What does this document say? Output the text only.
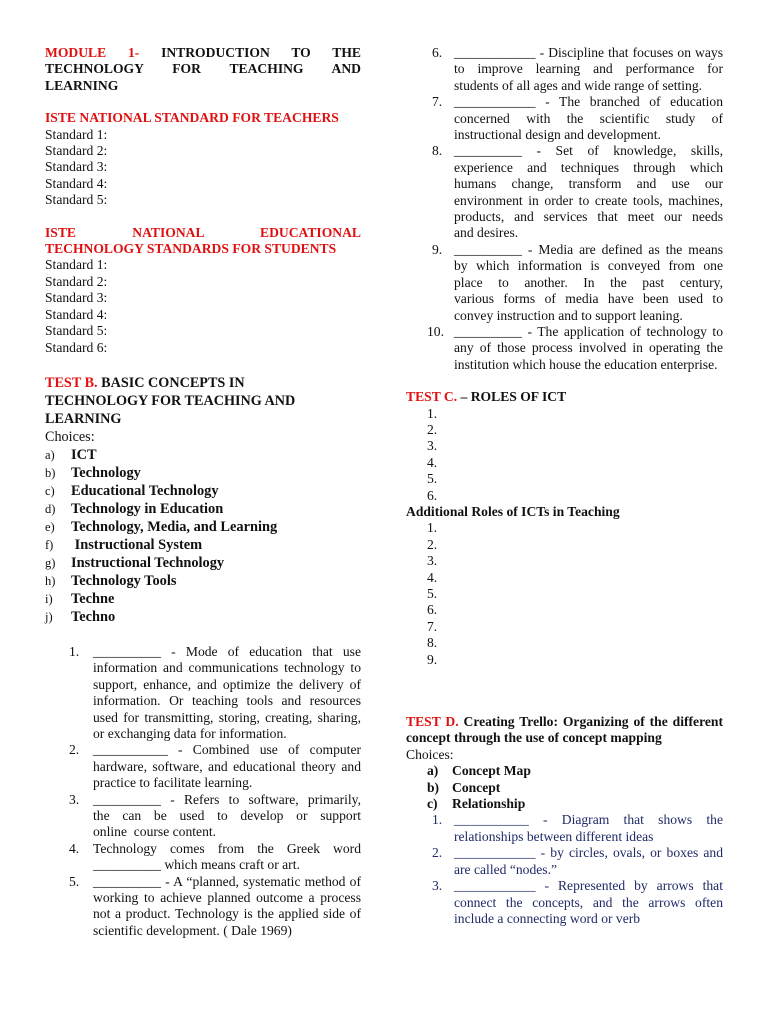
MODULE 1- INTRODUCTION TO THE
TECHNOLOGY FOR TEACHING AND
LEARNING
ISTE NATIONAL STANDARD FOR TEACHERS
Standard 1:
Standard 2:
Standard 3:
Standard 4:
Standard 5:
ISTE NATIONAL EDUCATIONAL
TECHNOLOGY STANDARDS FOR STUDENTS
Standard 1:
Standard 2:
Standard 3:
Standard 4:
Standard 5:
Standard 6:
TEST B. BASIC CONCEPTS IN
TECHNOLOGY FOR TEACHING AND
LEARNING
Choices:
a)	ICT
b)	Technology
c)	Educational Technology
d)	Technology in Education
e)	Technology, Media, and Learning
f)	Instructional System
g)	Instructional Technology
h)	Technology Tools
i)	Techne
j)	Techno
1. __________ - Mode of education that use
information and communications technology to
support, enhance, and optimize the delivery of
information. Or teaching tools and resources
used for transmitting, storing, creating, sharing,
or exchanging data for information.
2. ___________ - Combined use of computer
hardware, software, and educational theory and
practice to facilitate learning.
3. __________ - Refers to software, primarily,
the can be used to develop or support
online  course content.
4. Technology comes from the Greek word
__________ which means craft or art.
5. __________ - A “planned, systematic method of
working to achieve planned outcome a process
not a product. Technology is the applied side of
scientific development. ( Dale 1969)
6. ____________ - Discipline that focuses on ways
to improve learning and performance for
students of all ages and wide range of setting.
7. ____________ - The branched of education
concerned with the scientific study of
instructional design and development.
8. __________ - Set of knowledge, skills,
experience and techniques through which
humans change, transform and use our
environment in order to create tools, machines,
products, and services that meet our needs
and desires.
9. __________ - Media are defined as the means
by which information is conveyed from one
place to another. In the past century,
various forms of media have been used to
convey instruction and to support leaning.
10. __________ - The application of technology to
any of those process involved in operating the
institution which house the education enterprise.
TEST C. – ROLES OF ICT
1.
2.
3.
4.
5.
6.
Additional Roles of ICTs in Teaching
1.
2.
3.
4.
5.
6.
7.
8.
9.
TEST D. Creating Trello: Organizing of the different
concept through the use of concept mapping
Choices:
a)	Concept Map
b) Concept
c)	Relationship
1. ___________ - Diagram that shows the
relationships between different ideas
2. ____________ - by circles, ovals, or boxes and
are called “nodes.”
3. ____________ - Represented by arrows that
connect the concepts, and the arrows often
include a connecting word or verb
